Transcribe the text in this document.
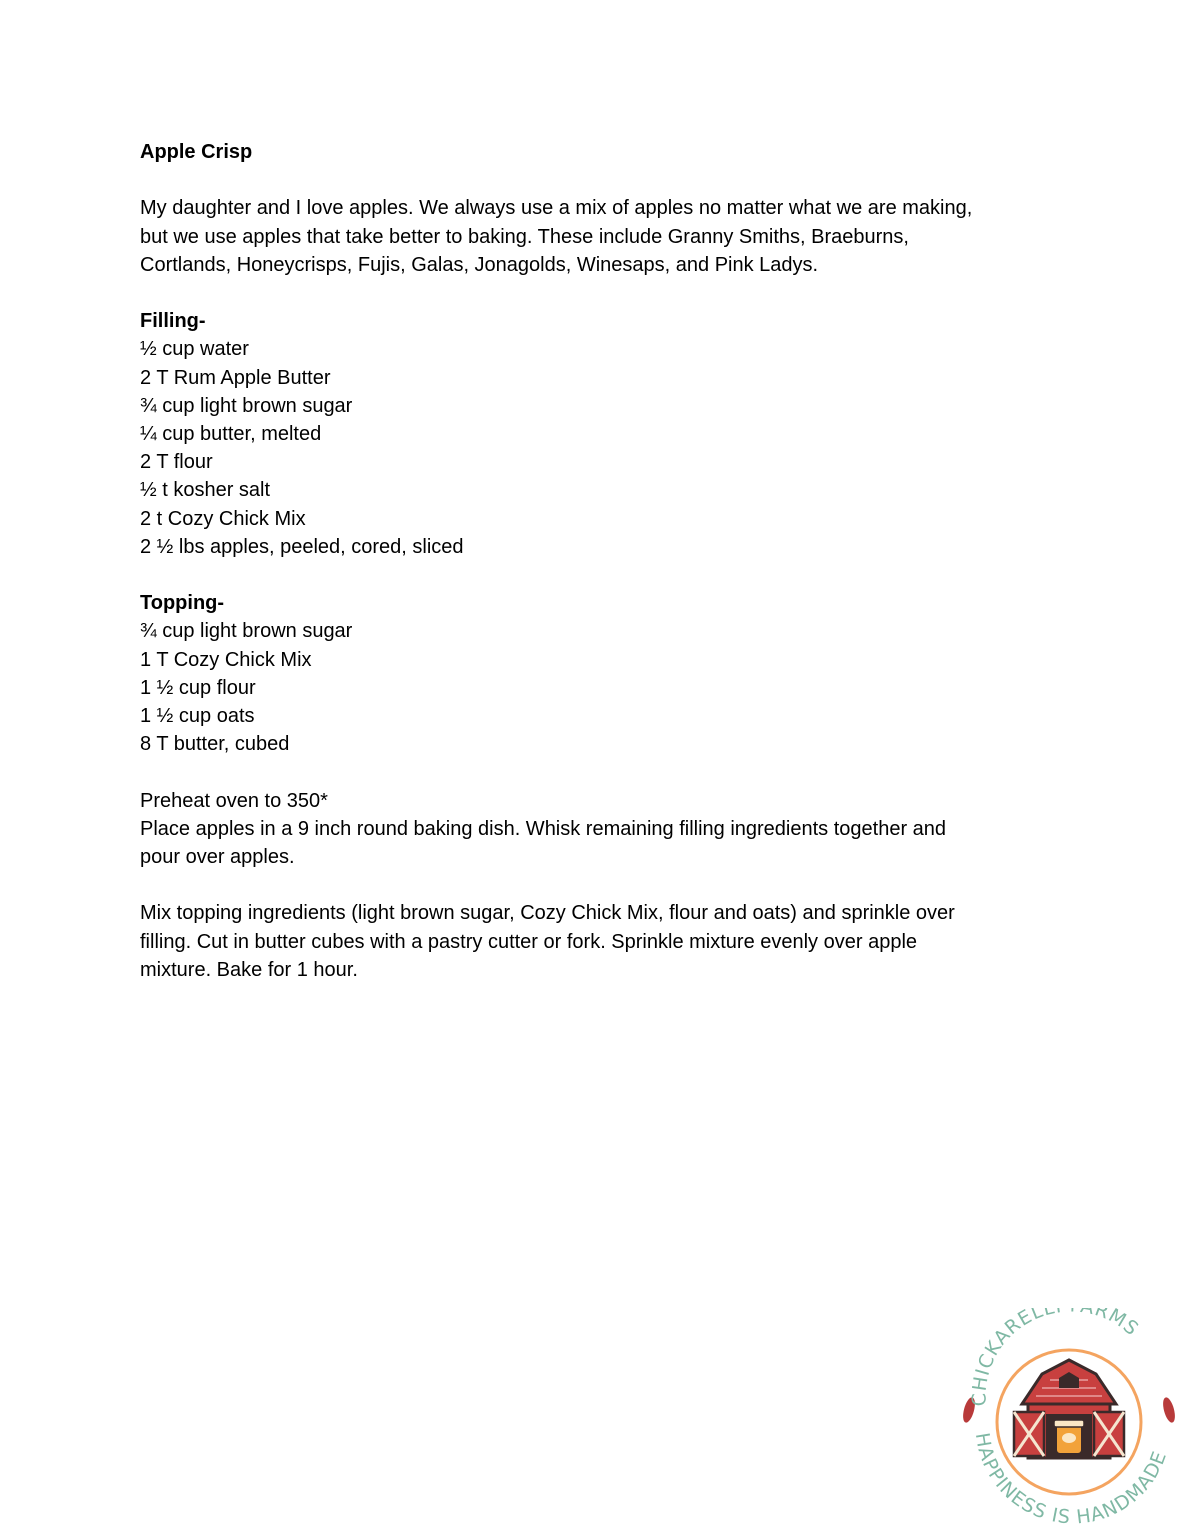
Apple Crisp

My daughter and I love apples. We always use a mix of apples no matter what we are making,
but we use apples that take better to baking. These include Granny Smiths, Braeburns,
Cortlands, Honeycrisps, Fujis, Galas, Jonagolds, Winesaps, and Pink Ladys.

Filling-

½ cup water
2 T Rum Apple Butter
¾ cup light brown sugar
¼ cup butter, melted
2 T flour
½ t kosher salt
2 t Cozy Chick Mix
2 ½ lbs apples, peeled, cored, sliced

Topping-

¾ cup light brown sugar
1 T Cozy Chick Mix
1 ½ cup flour
1 ½ cup oats
8 T butter, cubed

Preheat oven to 350*
Place apples in a 9 inch round baking dish. Whisk remaining filling ingredients together and
pour over apples.

Mix topping ingredients (light brown sugar, Cozy Chick Mix, flour and oats) and sprinkle over
filling. Cut in butter cubes with a pastry cutter or fork. Sprinkle mixture evenly over apple
mixture. Bake for 1 hour.

CHICKARELL RMS
HAPPINESS IS HANDMADE
